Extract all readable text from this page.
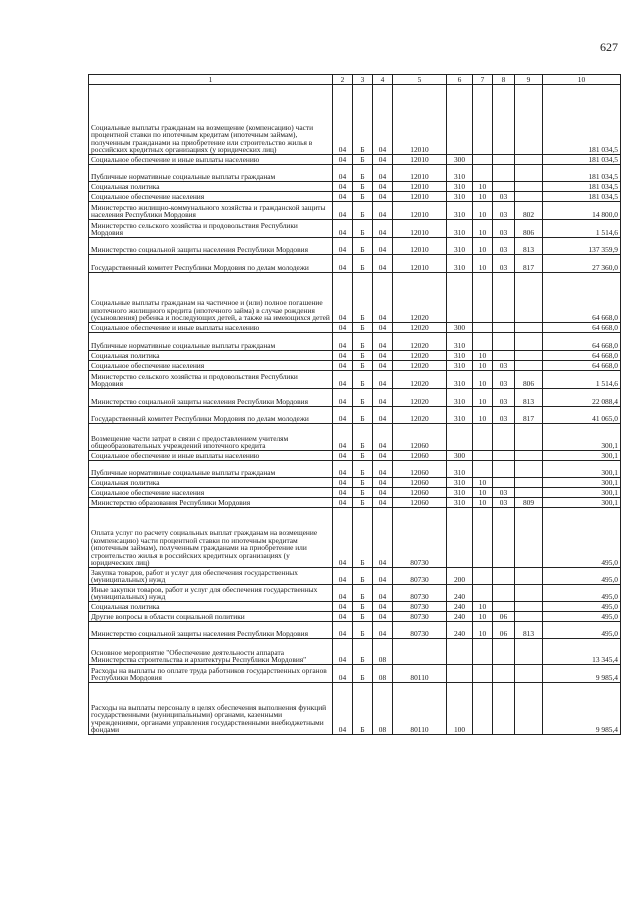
627
1	2	3	4	5	6	7	8	9	10
Социальные выплаты гражданам на возмещение (компенсацию) части процентной ставки по ипотечным кредитам (ипотечным займам), полученным гражданами на приобретение или строительство жилья в российских кредитных организациях (у юридических лиц)	04	Б	04	12010					181 034,5
Социальное обеспечение и иные выплаты населению	04	Б	04	12010	300				181 034,5
Публичные нормативные социальные выплаты гражданам	04	Б	04	12010	310				181 034,5
Социальная политика	04	Б	04	12010	310	10			181 034,5
Социальное обеспечение населения	04	Б	04	12010	310	10	03		181 034,5
Министерство жилищно-коммунального хозяйства и гражданской защиты населения Республики Мордовия	04	Б	04	12010	310	10	03	802	14 800,0
Министерство сельского хозяйства и продовольствия Республики Мордовия	04	Б	04	12010	310	10	03	806	1 514,6
Министерство социальной защиты населения Республики Мордовия	04	Б	04	12010	310	10	03	813	137 359,9
Государственный комитет Республики Мордовия по делам молодежи	04	Б	04	12010	310	10	03	817	27 360,0
Социальные выплаты гражданам на частичное и (или) полное погашение ипотечного жилищного кредита (ипотечного займа) в случае рождения (усыновления) ребенка и последующих детей, а также на имеющихся детей	04	Б	04	12020					64 668,0
Социальное обеспечение и иные выплаты населению	04	Б	04	12020	300				64 668,0
Публичные нормативные социальные выплаты гражданам	04	Б	04	12020	310				64 668,0
Социальная политика	04	Б	04	12020	310	10			64 668,0
Социальное обеспечение населения	04	Б	04	12020	310	10	03		64 668,0
Министерство сельского хозяйства и продовольствия Республики Мордовия	04	Б	04	12020	310	10	03	806	1 514,6
Министерство социальной защиты населения Республики Мордовия	04	Б	04	12020	310	10	03	813	22 088,4
Государственный комитет Республики Мордовия по делам молодежи	04	Б	04	12020	310	10	03	817	41 065,0
Возмещение части затрат в связи с предоставлением учителям общеобразовательных учреждений ипотечного кредита	04	Б	04	12060					300,1
Социальное обеспечение и иные выплаты населению	04	Б	04	12060	300				300,1
Публичные нормативные социальные выплаты гражданам	04	Б	04	12060	310				300,1
Социальная политика	04	Б	04	12060	310	10			300,1
Социальное обеспечение населения	04	Б	04	12060	310	10	03		300,1
Министерство образования Республики Мордовия	04	Б	04	12060	310	10	03	809	300,1
Оплата услуг по расчету социальных выплат гражданам на возмещение (компенсацию) части процентной ставки по ипотечным кредитам (ипотечным займам), полученным гражданами на приобретение или строительство жилья в российских кредитных организациях (у юридических лиц)	04	Б	04	80730					495,0
Закупка товаров, работ и услуг для обеспечения государственных (муниципальных) нужд	04	Б	04	80730	200				495,0
Иные закупки товаров, работ и услуг для обеспечения государственных (муниципальных) нужд	04	Б	04	80730	240				495,0
Социальная политика	04	Б	04	80730	240	10			495,0
Другие вопросы в области социальной политики	04	Б	04	80730	240	10	06		495,0
Министерство социальной защиты населения Республики Мордовия	04	Б	04	80730	240	10	06	813	495,0
Основное мероприятие "Обеспечение деятельности аппарата Министерства строительства и архитектуры Республики Мордовия"	04	Б	08						13 345,4
Расходы на выплаты по оплате труда работников государственных органов Республики Мордовия	04	Б	08	80110					9 985,4
Расходы на выплаты персоналу в целях обеспечения выполнения функций государственными (муниципальными) органами, казенными учреждениями, органами управления государственными внебюджетными фондами	04	Б	08	80110	100				9 985,4
